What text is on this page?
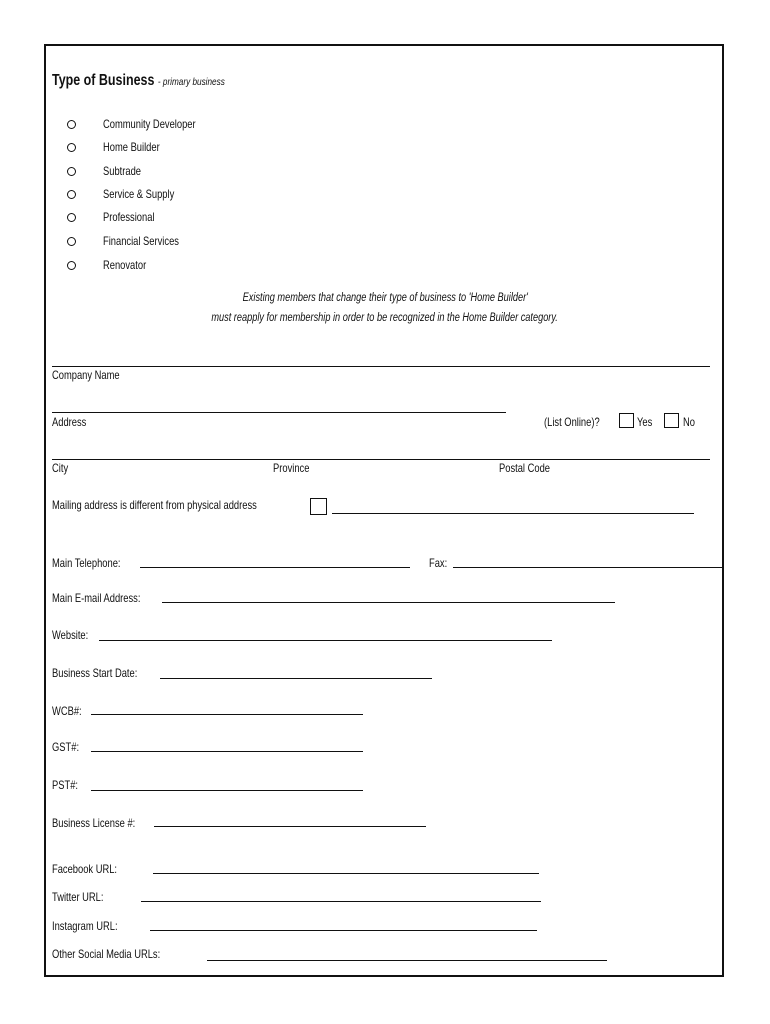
Type of Business - primary business
Community Developer
Home Builder
Subtrade
Service & Supply
Professional
Financial Services
Renovator
Existing members that change their type of business to 'Home Builder'
must reapply for membership in order to be recognized in the Home Builder category.
Company Name
Address	(List Online)?	Yes	No
City	Province	Postal Code
Mailing address is different from physical address
Main Telephone:	Fax:
Main E-mail Address:
Website:
Business Start Date:
WCB#:
GST#:
PST#:
Business License #:
Facebook URL:
Twitter URL:
Instagram URL:
Other Social Media URLs:
